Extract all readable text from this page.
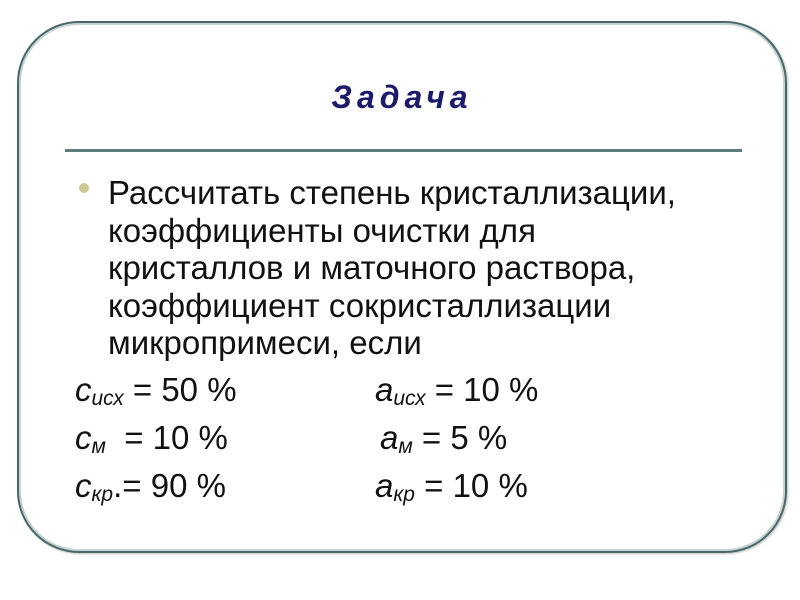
Задача
Рассчитать степень кристаллизации,
коэффициенты очистки для
кристаллов и маточного раствора,
коэффициент сокристаллизации
микропримеси, если
сисх = 50 %	аисх = 10 %
см  = 10 %	ам = 5 %
скр.= 90 %	акр = 10 %
